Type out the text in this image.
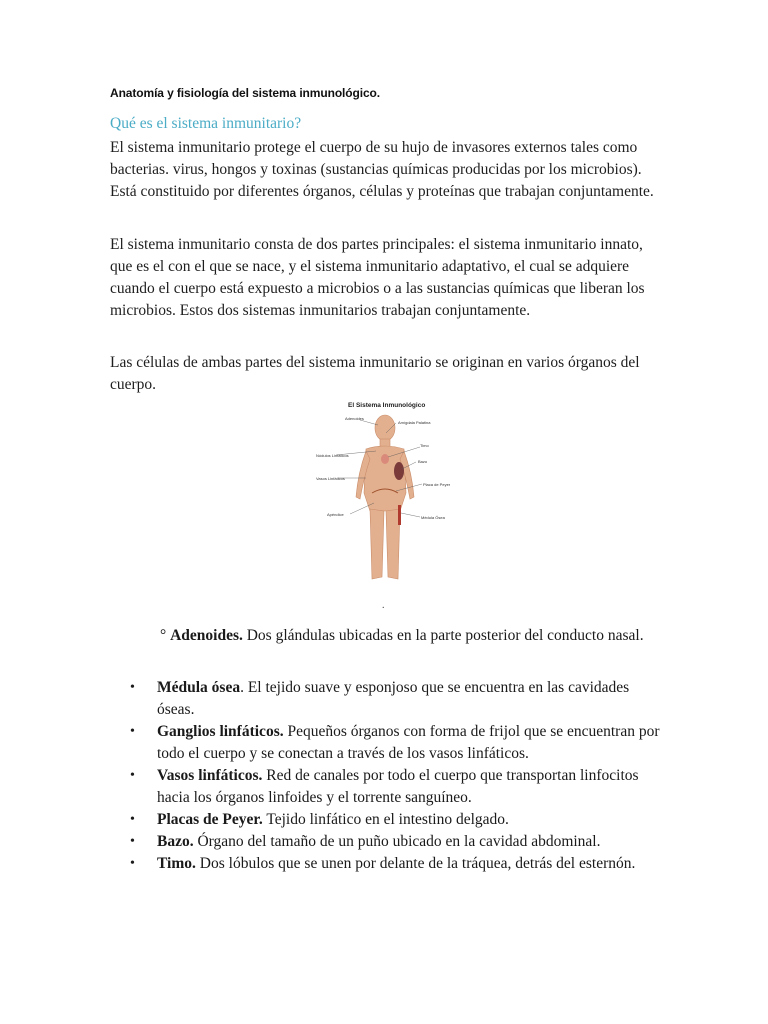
Anatomía y fisiología del sistema inmunológico.
Qué es el sistema inmunitario?

El sistema inmunitario protege el cuerpo de su hujo de invasores externos tales como bacterias. virus, hongos y toxinas (sustancias químicas producidas por los microbios). Está constituido por diferentes órganos, células y proteínas que trabajan conjuntamente.

El sistema inmunitario consta de dos partes principales: el sistema inmunitario innato, que es el con el que se nace, y el sistema inmunitario adaptativo, el cual se adquiere cuando el cuerpo está expuesto a microbios o a las sustancias químicas que liberan los microbios. Estos dos sistemas inmunitarios trabajan conjuntamente.

Las células de ambas partes del sistema inmunitario se originan en varios órganos del cuerpo.

El Sistema Inmunológico
Adenoides
Nódulos Linfáticos
Vasos Linfáticos
Apéndice
Amígdala Palatina
Timo
Bazo
Placa de Peyer
Médula Ósea
.

° Adenoides. Dos glándulas ubicadas en la parte posterior del conducto nasal.

• Médula ósea. El tejido suave y esponjoso que se encuentra en las cavidades óseas.
• Ganglios linfáticos. Pequeños órganos con forma de frijol que se encuentran por todo el cuerpo y se conectan a través de los vasos linfáticos.
• Vasos linfáticos. Red de canales por todo el cuerpo que transportan linfocitos hacia los órganos linfoides y el torrente sanguíneo.
• Placas de Peyer. Tejido linfático en el intestino delgado.
• Bazo. Órgano del tamaño de un puño ubicado en la cavidad abdominal.
• Timo. Dos lóbulos que se unen por delante de la tráquea, detrás del esternón.
